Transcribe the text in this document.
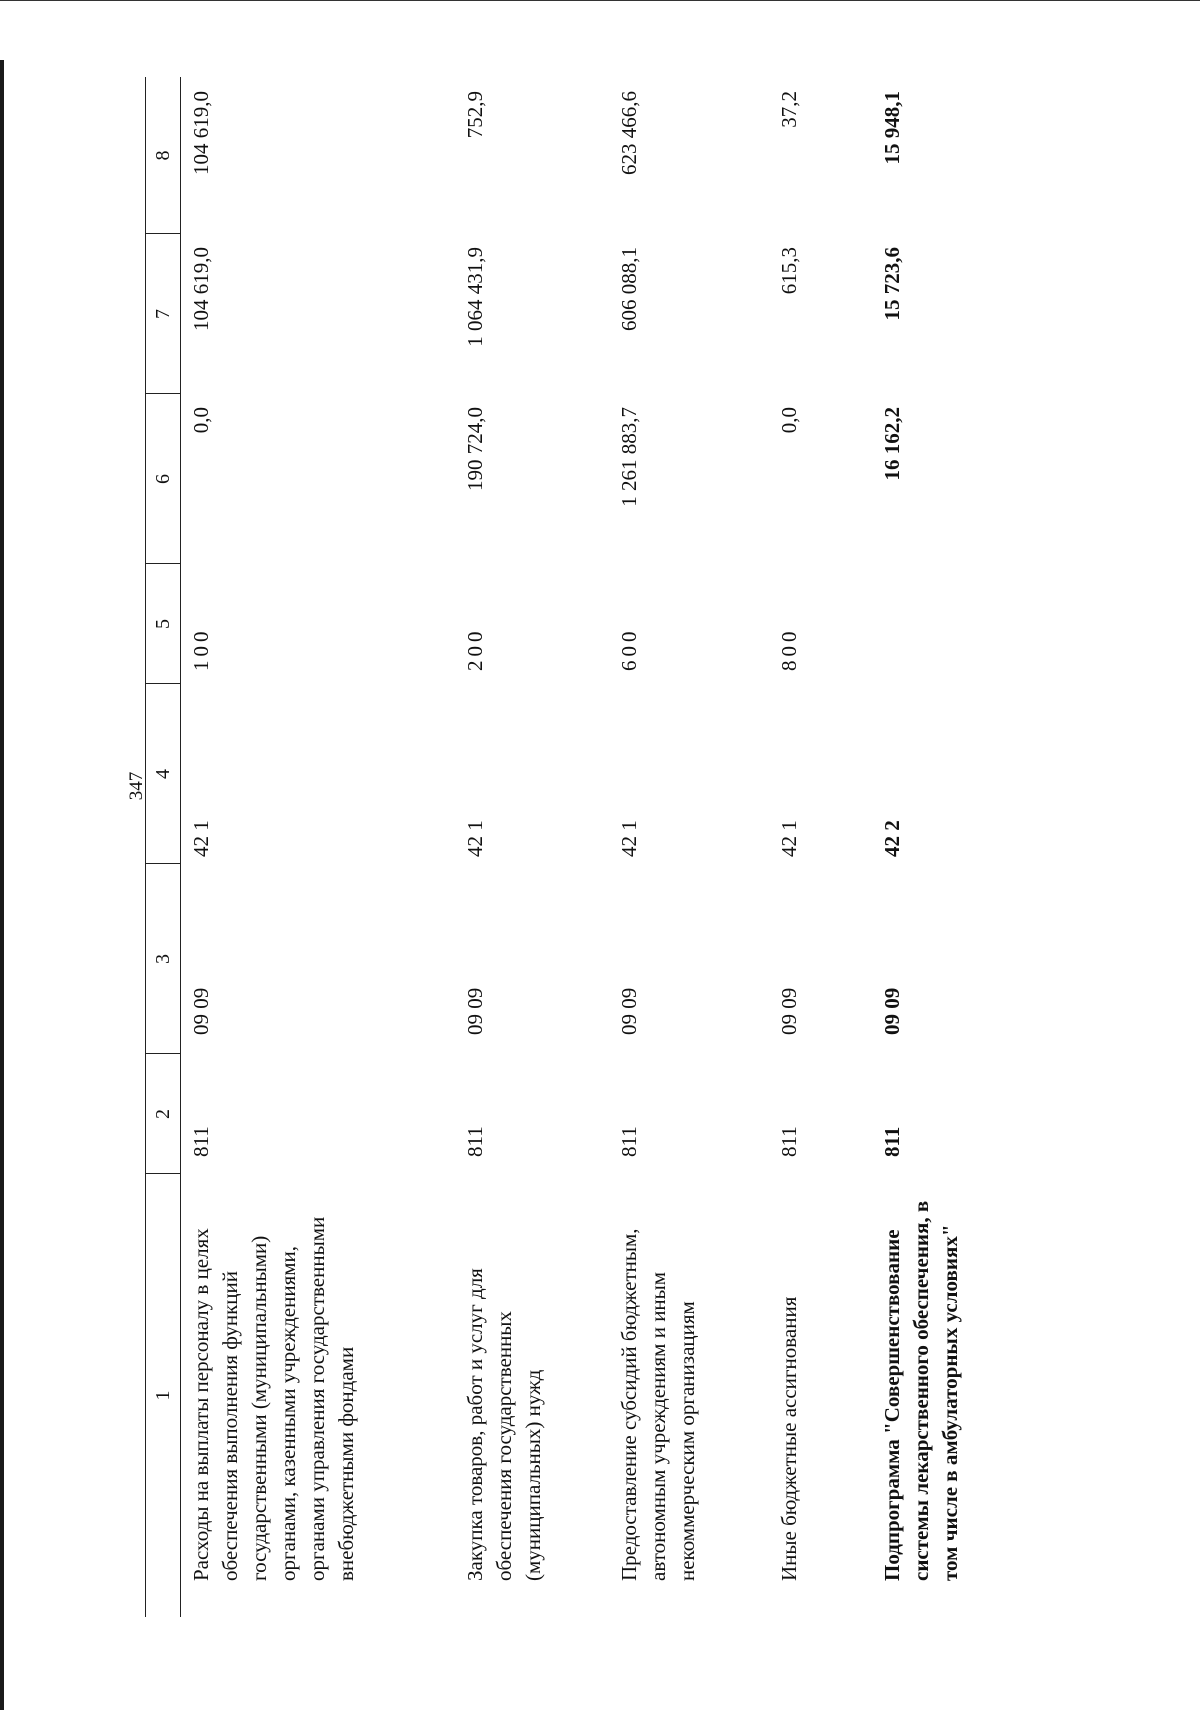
347
1
2
3
4
5
6
7
8
Расходы на выплаты персоналу в целях обеспечения выполнения функций государственными (муниципальными) органами, казенными учреждениями, органами управления государственными внебюджетными фондами
811
09 09
42 1
100
0,0
104 619,0
104 619,0
Закупка товаров, работ и услуг для обеспечения государственных (муниципальных) нужд
811
09 09
42 1
200
190 724,0
1 064 431,9
752,9
Предоставление субсидий бюджетным, автономным учреждениям и иным некоммерческим организациям
811
09 09
42 1
600
1 261 883,7
606 088,1
623 466,6
Иные бюджетные ассигнования
811
09 09
42 1
800
0,0
615,3
37,2
Подпрограмма "Совершенствование системы лекарственного обеспечения, в том числе в амбулаторных условиях"
811
09 09
42 2
16 162,2
15 723,6
15 948,1
